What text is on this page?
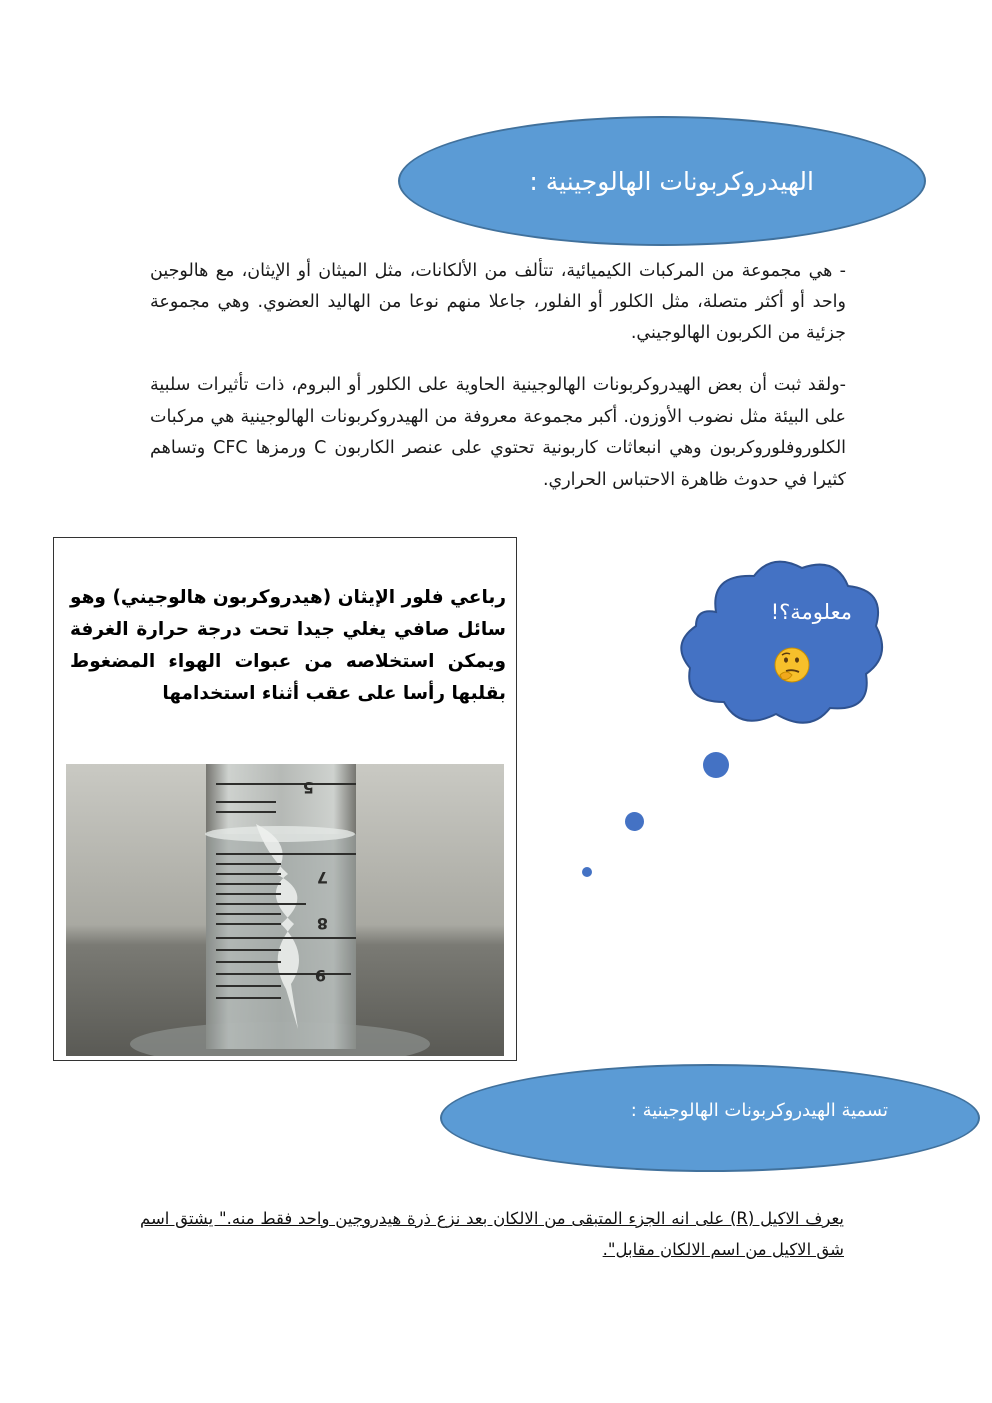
الهيدروكربونات الهالوجينية :
- هي مجموعة من المركبات الكيميائية، تتألف من الألكانات، مثل الميثان أو الإيثان، مع هالوجين واحد أو أكثر متصلة، مثل الكلور أو الفلور، جاعلا منهم نوعا من الهاليد العضوي. وهي مجموعة جزئية من الكربون الهالوجيني.
-ولقد ثبت أن بعض الهيدروكربونات الهالوجينية الحاوية على الكلور أو البروم، ذات تأثيرات سلبية على البيئة مثل نضوب الأوزون. أكبر مجموعة معروفة من الهيدروكربونات الهالوجينية هي مركبات الكلوروفلوروكربون وهي انبعاثات كاربونية تحتوي على عنصر الكاربون C ورمزها CFC وتساهم كثيرا في حدوث ظاهرة الاحتباس الحراري.
رباعي فلور الإيثان (هيدروكربون هالوجيني) وهو سائل صافي يغلي جيدا تحت درجة حرارة الغرفة ويمكن استخلاصه من عبوات الهواء المضغوط بقلبها رأسا على عقب أثناء استخدامها
5
7
8
9
معلومة؟!
تسمية الهيدروكربونات الهالوجينية :
يعرف الاكيل (R) على انه الجزء المتبقى من الالكان بعد نزع ذرة هيدروجين واحد فقط منه." يشتق اسم شق الاكيل من اسم الالكان مقابل".
